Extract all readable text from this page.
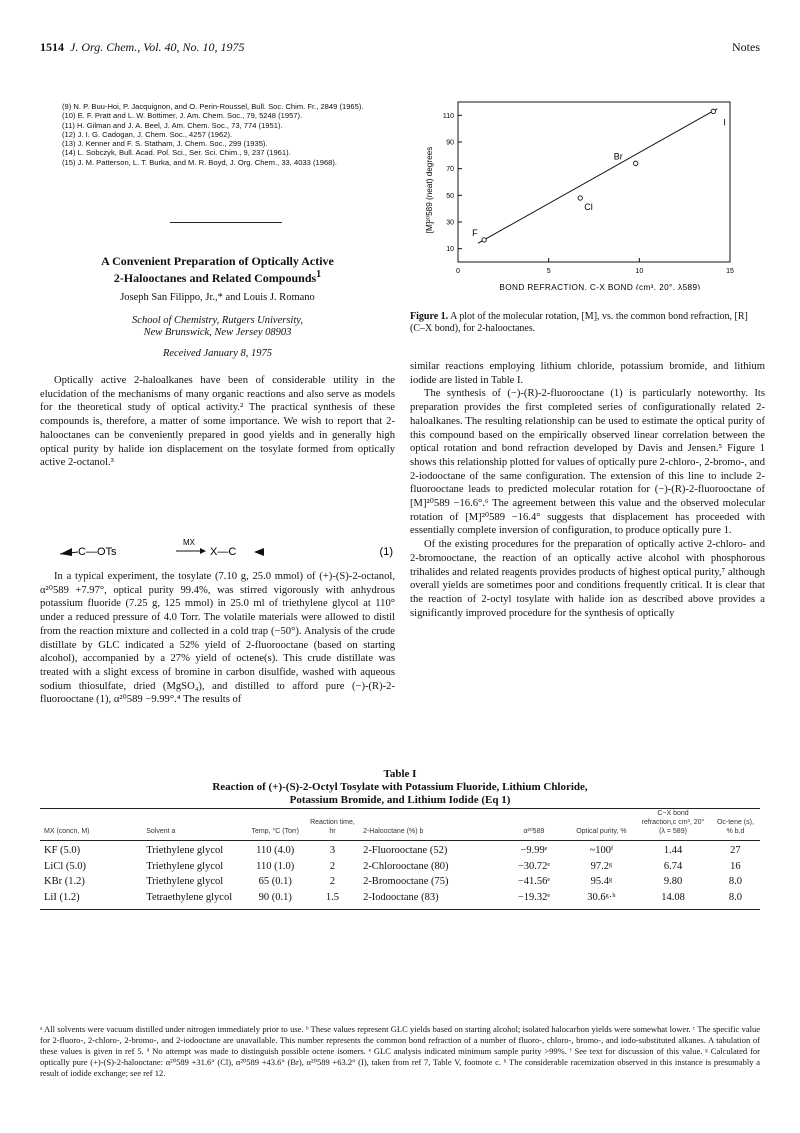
1514 J. Org. Chem., Vol. 40, No. 10, 1975	Notes
(9) N. P. Buu-Hoi, P. Jacquignon, and O. Perin-Roussel, Bull. Soc. Chim. Fr., 2849 (1965).
(10) E. F. Pratt and L. W. Bottimer, J. Am. Chem. Soc., 79, 5248 (1957).
(11) H. Gilman and J. A. Beel, J. Am. Chem. Soc., 73, 774 (1951).
(12) J. I. G. Cadogan, J. Chem. Soc., 4257 (1962).
(13) J. Kenner and F. S. Statham, J. Chem. Soc., 299 (1935).
(14) L. Sobczyk, Bull. Acad. Pol. Sci., Ser. Sci. Chim., 9, 237 (1961).
(15) J. M. Patterson, L. T. Burka, and M. R. Boyd, J. Org. Chem., 33, 4033 (1968).
A Convenient Preparation of Optically Active
2-Halooctanes and Related Compounds$^1$
Joseph San Filippo, Jr.,* and Louis J. Romano
School of Chemistry, Rutgers University,
New Brunswick, New Jersey 08903
Received January 8, 1975
Optically active 2-haloalkanes have been of considerable utility in the elucidation of the mechanisms of many organic reactions and also serve as models for the theoretical study of optical activity.² The practical synthesis of these compounds is, therefore, a matter of some importance. We wish to report that 2-halooctanes can be conveniently prepared in good yields and in generally high optical purity by halide ion displacement on the tosylate formed from optically active 2-octanol.³
C—OTs
MX
X—C	(1)
In a typical experiment, the tosylate (7.10 g, 25.0 mmol) of (+)-(S)-2-octanol, α²⁰589 +7.97°, optical purity 99.4%, was stirred vigorously with anhydrous potassium fluoride (7.25 g, 125 mmol) in 25.0 ml of triethylene glycol at 110° under a reduced pressure of 4.0 Torr. The volatile materials were allowed to distil from the reaction mixture and collected in a cold trap (−50°). Analysis of the crude distillate by GLC indicated a 52% yield of 2-fluorooctane (based on starting alcohol), accompanied by a 27% yield of octene(s). This crude distillate was treated with a slight excess of bromine in carbon disulfide, washed with aqueous sodium thiosulfate, dried (MgSO₄), and distilled to afford pure (−)-(R)-2-fluorooctane (1), α²⁰589 −9.99°.⁴ The results of
0	5	10	15
10
30
50
70
90
110
F
Cl
Br
I
BOND REFRACTION, C-X BOND (cm³, 20°, λ589)
[M]²⁰589 (neat) degrees
Figure 1. A plot of the molecular rotation, [M], vs. the common bond refraction, [R] (C–X bond), for 2-halooctanes.

similar reactions employing lithium chloride, potassium bromide, and lithium iodide are listed in Table I.

The synthesis of (−)-(R)-2-fluorooctane (1) is particularly noteworthy. Its preparation provides the first completed series of configurationally related 2-haloalkanes. The resulting relationship can be used to estimate the optical purity of this compound based on the empirically observed linear correlation between the optical rotation and bond refraction developed by Davis and Jensen.⁵ Figure 1 shows this relationship plotted for values of optically pure 2-chloro-, 2-bromo-, and 2-iodooctane of the same configuration. The extension of this line to include 2-fluorooctane leads to predicted molecular rotation for (−)-(R)-2-fluorooctane of [M]²⁰589 −16.6°.⁶ The agreement between this value and the observed molecular rotation of [M]²⁰589 −16.4° suggests that displacement has proceeded with essentially complete inversion of configuration, to produce optically pure 1.

Of the existing procedures for the preparation of optically active 2-chloro- and 2-bromooctane, the reaction of an optically active alcohol with phosphorous trihalides and related reagents provides products of highest optical purity,⁷ although overall yields are sometimes poor and conditions frequently critical. It is clear that the reaction of 2-octyl tosylate with halide ion as described above provides a significantly improved procedure for the synthesis of optically

Table I
Reaction of (+)-(S)-2-Octyl Tosylate with Potassium Fluoride, Lithium Chloride,
Potassium Bromide, and Lithium Iodide (Eq 1)
MX (concn, M)	Solvent a	Temp, °C (Torr)	Reaction time, hr	2-Halooctane (%) b	α²⁰589	Optical purity, %	C−X bond refraction,c cm³, 20° (λ = 589)	Oc-tene (s), % b,d
KF (5.0)	Triethylene glycol	110 (4.0)	3	2-Fluorooctane (52)	−9.99ᵉ	~100ᶠ	1.44	27
LiCl (5.0)	Triethylene glycol	110 (1.0)	2	2-Chlorooctane (80)	−30.72ᵉ	97.2ᵍ	6.74	16
KBr (1.2)	Triethylene glycol	65 (0.1)	2	2-Bromooctane (75)	−41.56ᵉ	95.4ᵍ	9.80	8.0
LiI (1.2)	Tetraethylene glycol	90 (0.1)	1.5	2-Iodooctane (83)	−19.32ᵉ	30.6ᵍ·ʰ	14.08	8.0
ᵃ All solvents were vacuum distilled under nitrogen immediately prior to use. ᵇ These values represent GLC yields based on starting alcohol; isolated halocarbon yields were somewhat lower. ᶜ The specific value for 2-fluoro-, 2-chloro-, 2-bromo-, and 2-iodooctane are unavailable. This number represents the common bond refraction of a number of fluoro-, chloro-, bromo-, and iodo-substituted alkanes. A tabulation of these values is given in ref 5. ᵈ No attempt was made to distinguish possible octene isomers. ᵉ GLC analysis indicated minimum sample purity >99%. ᶠ See text for discussion of this value. ᵍ Calculated for optically pure (+)-(S)-2-halooctane: α²⁰589 +31.6° (Cl), α²⁰589 +43.6° (Br), α²⁰589 +63.2° (I), taken from ref 7, Table V, footnote c. ʰ The considerable racemization observed in this instance is presumably a result of iodide exchange; see ref 12.
